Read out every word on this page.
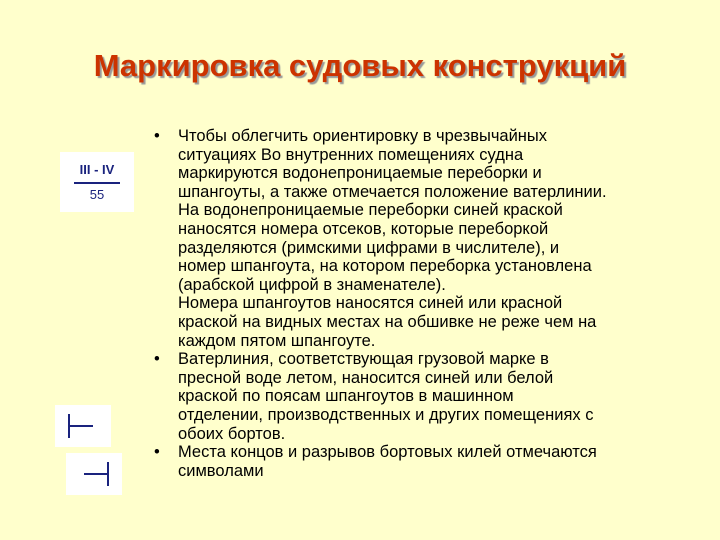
Маркировка судовых конструкций
III - IV
55
• Чтобы облегчить ориентировку в чрезвычайных
ситуациях Во внутренних помещениях судна
маркируются водонепроницаемые переборки и
шпангоуты, а также отмечается положение ватерлинии.
На водонепроницаемые переборки синей краской
наносятся номера отсеков, которые переборкой
разделяются (римскими цифрами в числителе), и
номер шпангоута, на котором переборка установлена
(арабской цифрой в знаменателе).
Номера шпангоутов наносятся синей или красной
краской на видных местах на обшивке не реже чем на
каждом пятом шпангоуте.
• Ватерлиния, соответствующая грузовой марке в
пресной воде летом, наносится синей или белой
краской по поясам шпангоутов в машинном
отделении, производственных и других помещениях с
обоих бортов.
• Места концов и разрывов бортовых килей отмечаются
символами
